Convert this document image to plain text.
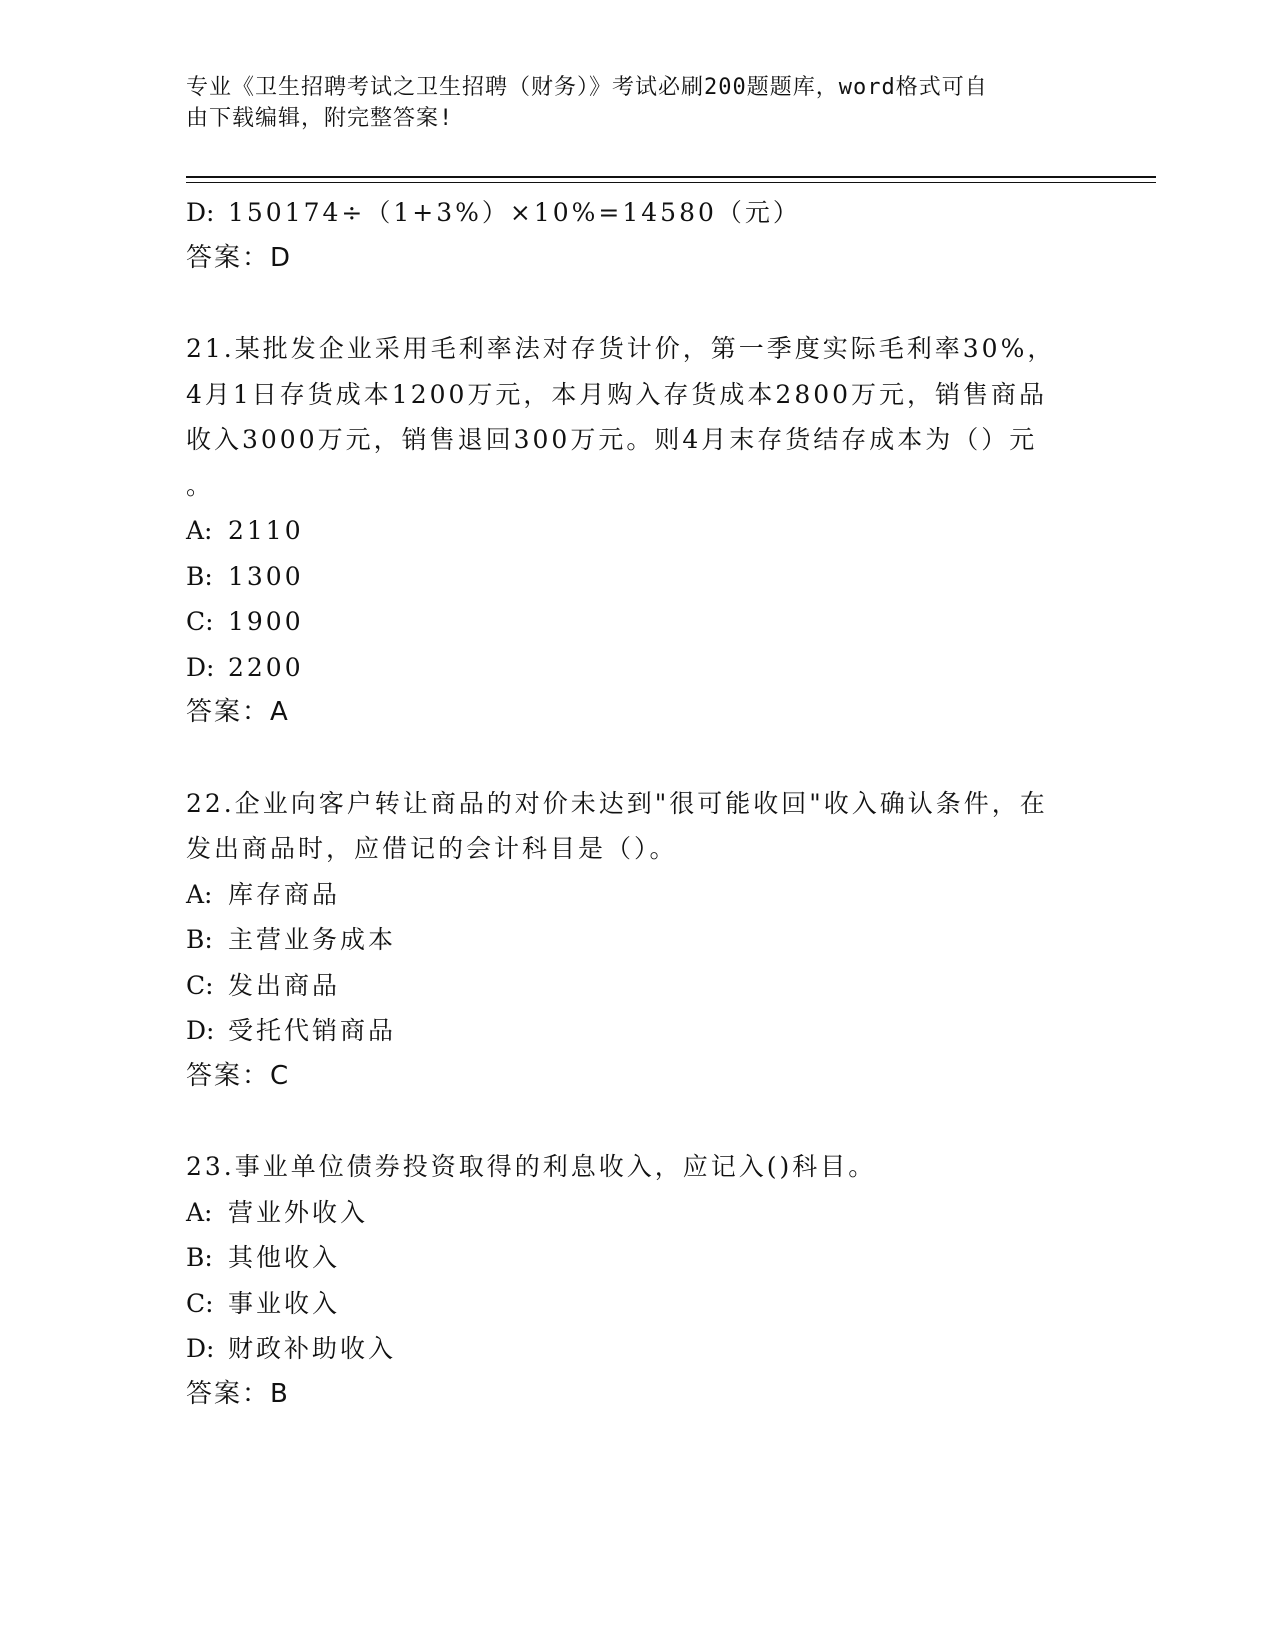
专业《卫生招聘考试之卫生招聘（财务）》考试必刷200题题库，word格式可自
由下载编辑，附完整答案!
D: 150174÷（1+3%）×10%=14580（元）
答案：D
21.某批发企业采用毛利率法对存货计价，第一季度实际毛利率30%，
4月1日存货成本1200万元，本月购入存货成本2800万元，销售商品
收入3000万元，销售退回300万元。则4月末存货结存成本为（）元
。
A: 2110
B: 1300
C: 1900
D: 2200
答案：A
22.企业向客户转让商品的对价未达到"很可能收回"收入确认条件，在
发出商品时，应借记的会计科目是（）。
A: 库存商品
B: 主营业务成本
C: 发出商品
D: 受托代销商品
答案：C
23.事业单位债券投资取得的利息收入，应记入()科目。
A: 营业外收入
B: 其他收入
C: 事业收入
D: 财政补助收入
答案：B
